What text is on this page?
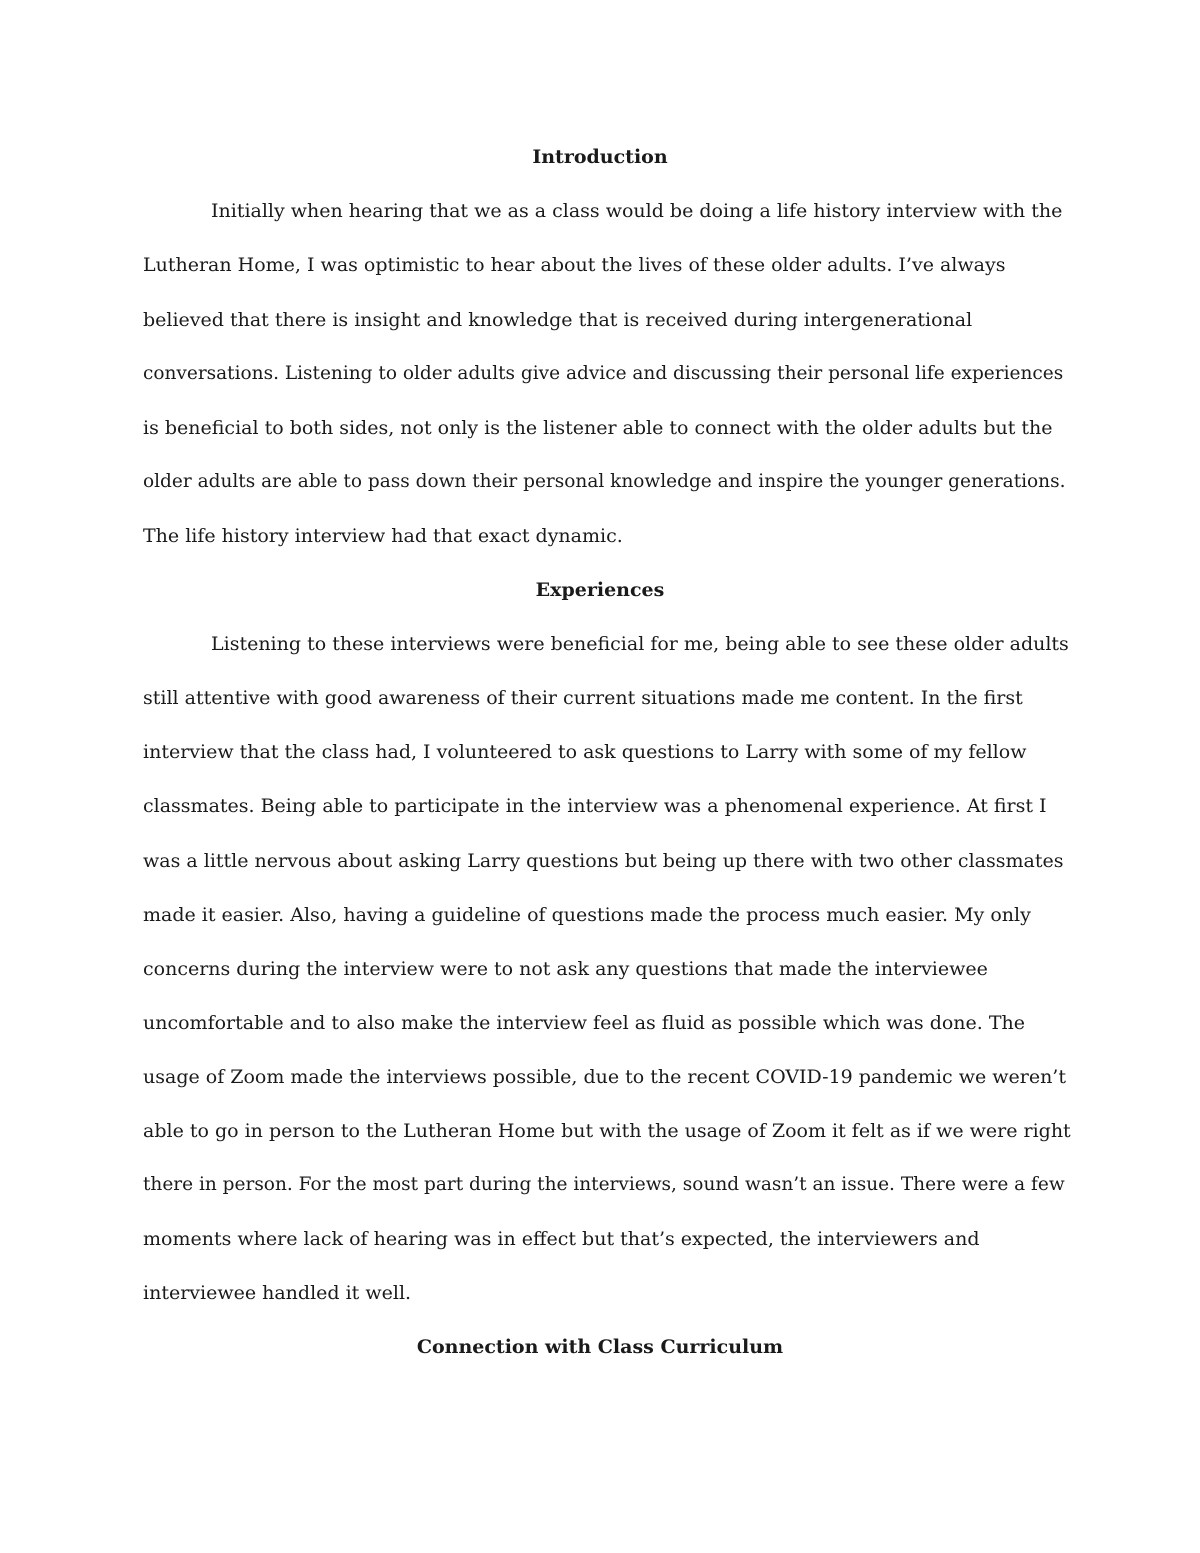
Introduction

Initially when hearing that we as a class would be doing a life history interview with the

Lutheran Home, I was optimistic to hear about the lives of these older adults. I’ve always

believed that there is insight and knowledge that is received during intergenerational

conversations. Listening to older adults give advice and discussing their personal life experiences

is beneficial to both sides, not only is the listener able to connect with the older adults but the

older adults are able to pass down their personal knowledge and inspire the younger generations.

The life history interview had that exact dynamic.

Experiences

Listening to these interviews were beneficial for me, being able to see these older adults

still attentive with good awareness of their current situations made me content. In the first

interview that the class had, I volunteered to ask questions to Larry with some of my fellow

classmates. Being able to participate in the interview was a phenomenal experience. At first I

was a little nervous about asking Larry questions but being up there with two other classmates

made it easier. Also, having a guideline of questions made the process much easier. My only

concerns during the interview were to not ask any questions that made the interviewee

uncomfortable and to also make the interview feel as fluid as possible which was done. The

usage of Zoom made the interviews possible, due to the recent COVID-19 pandemic we weren’t

able to go in person to the Lutheran Home but with the usage of Zoom it felt as if we were right

there in person. For the most part during the interviews, sound wasn’t an issue. There were a few

moments where lack of hearing was in effect but that’s expected, the interviewers and

interviewee handled it well.

Connection with Class Curriculum
